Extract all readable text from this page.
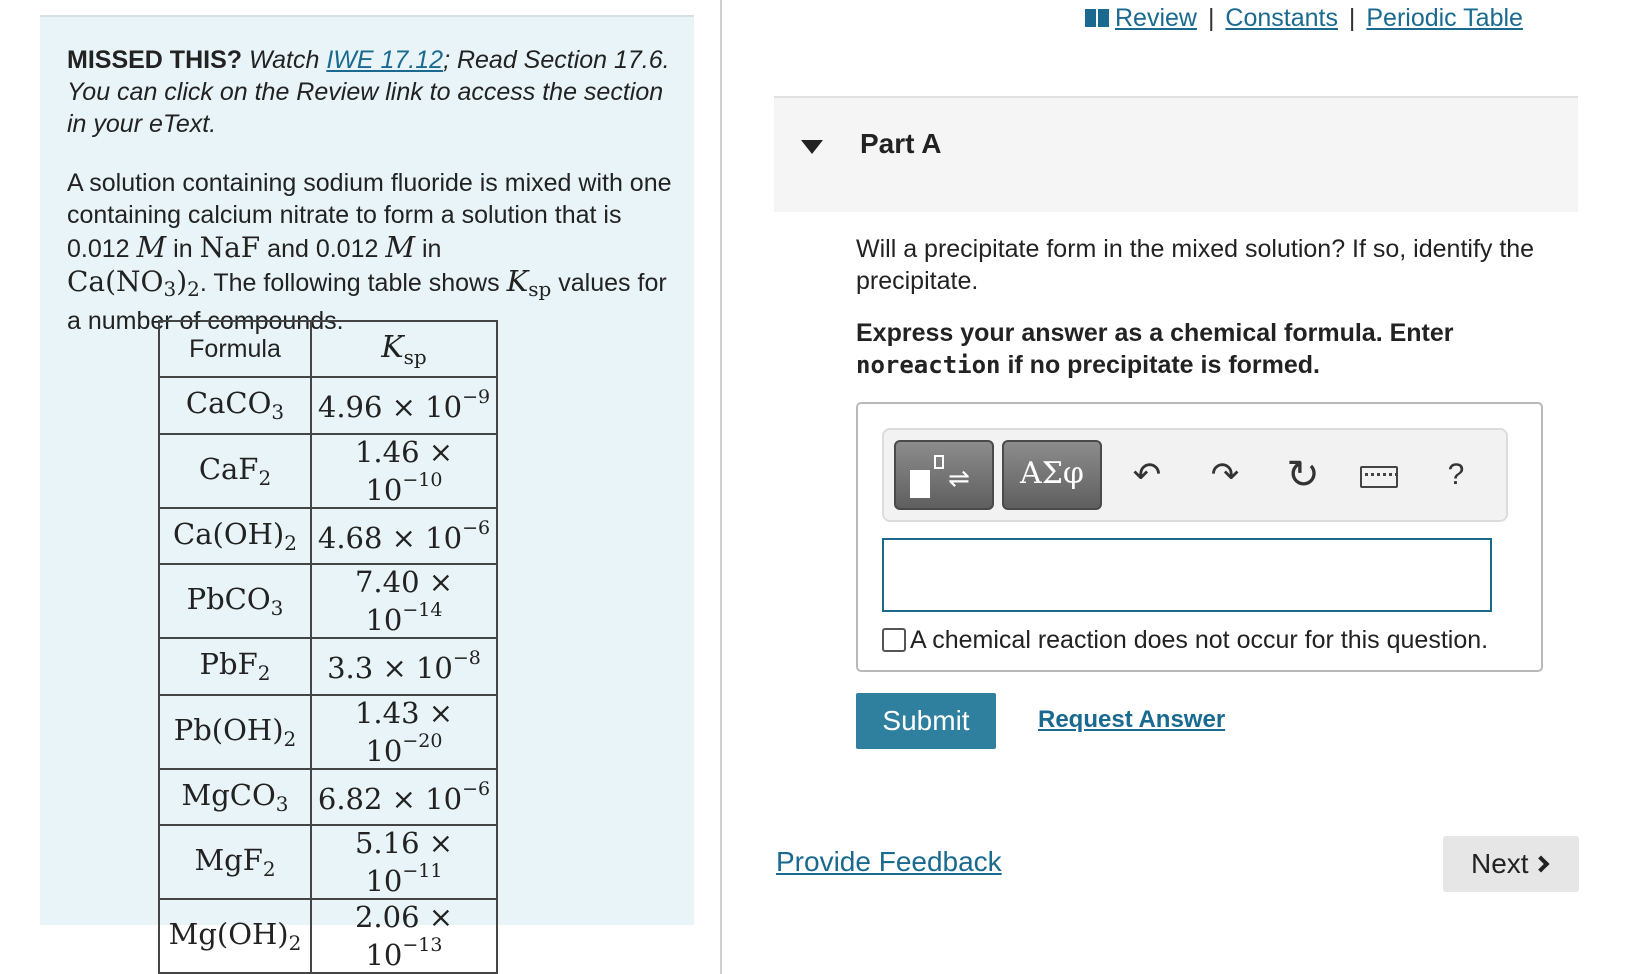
MISSED THIS? Watch IWE 17.12; Read Section 17.6. You can click on the Review link to access the section in your eText.
A solution containing sodium fluoride is mixed with one containing calcium nitrate to form a solution that is 0.012 M in NaF and 0.012 M in
Ca(NO3)2. The following table shows Ksp values for a number of compounds.
Formula	$K_{sp}$
CaCO$_3$	$4.96 \times 10^{-9}$
CaF$_2$	$1.46 \times 10^{-10}$
$Ca(OH)_2$	$4.68 \times 10^{-6}$
PbCO$_3$	$7.40 \times 10^{-14}$
PbF$_2$	$3.3 \times 10^{-8}$
$Pb(OH)_2$	$1.43 \times 10^{-20}$
MgCO$_3$	$6.82 \times 10^{-6}$
MgF$_2$	$5.16 \times 10^{-11}$
$Mg(OH)_2$	$2.06 \times 10^{-13}$
Review | Constants | Periodic Table
Part A
Will a precipitate form in the mixed solution? If so, identify the precipitate.
Express your answer as a chemical formula. Enter
noreaction if no precipitate is formed.
⇌	ΑΣφ	↶	↷ ↻	?
A chemical reaction does not occur for this question.
Submit	Request Answer
Provide Feedback	Next
